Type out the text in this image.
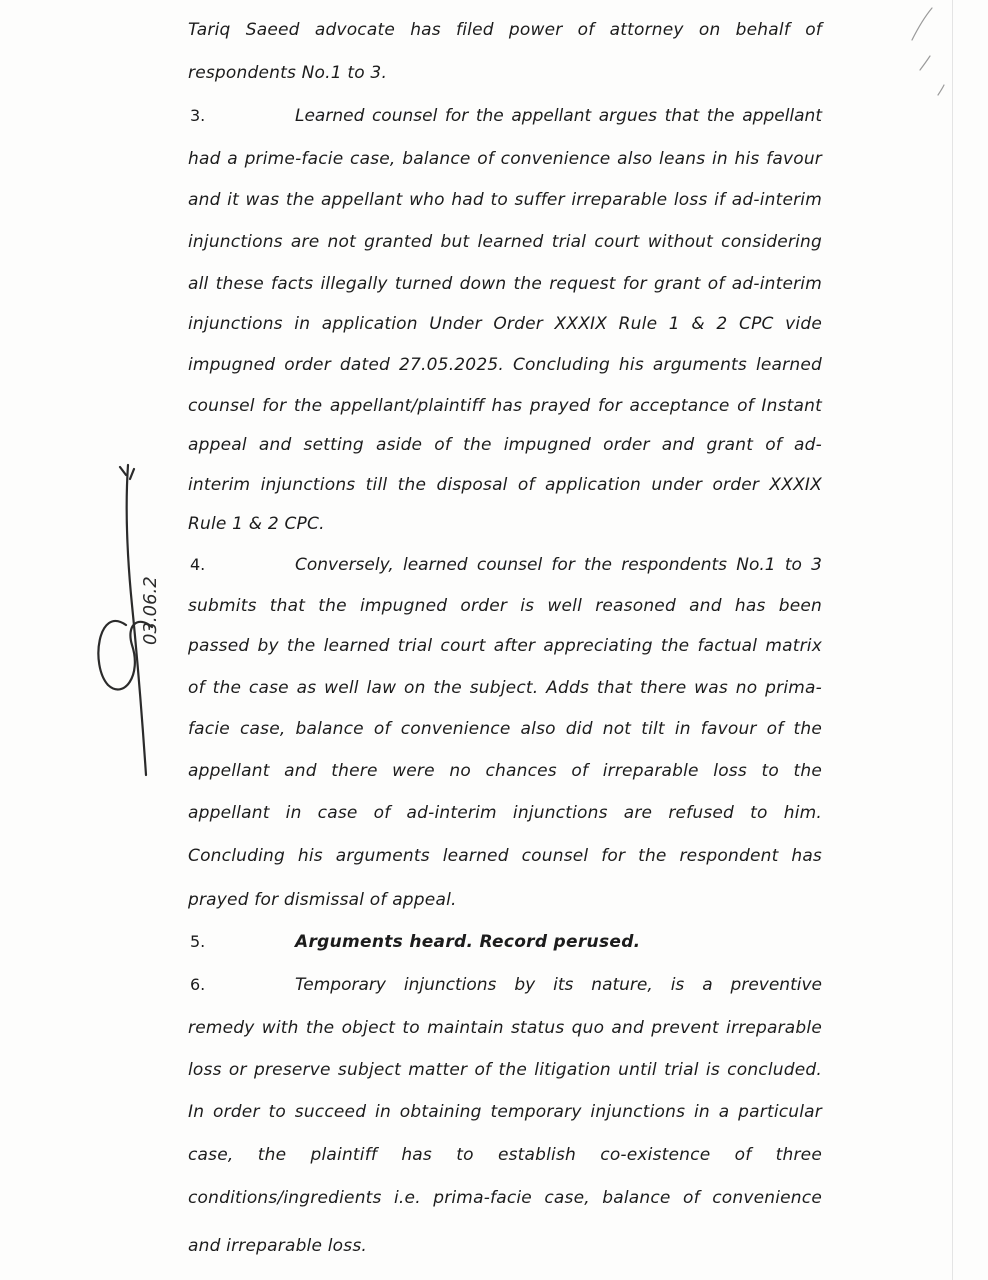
Tariq Saeed advocate has filed power of attorney on behalf of
respondents No.1 to 3.
3.	Learned counsel for the appellant argues that the appellant
had a prime-facie case, balance of convenience also leans in his favour
and it was the appellant who had to suffer irreparable loss if ad-interim
injunctions are not granted but learned trial court without considering
all these facts illegally turned down the request for grant of ad-interim
injunctions in application Under Order XXXIX Rule 1 & 2 CPC vide
impugned order dated 27.05.2025. Concluding his arguments learned
counsel for the appellant/plaintiff has prayed for acceptance of Instant
appeal and setting aside of the impugned order and grant of ad-
interim injunctions till the disposal of application under order XXXIX
Rule 1 & 2 CPC.
4.	Conversely, learned counsel for the respondents No.1 to 3
submits that the impugned order is well reasoned and has been
passed by the learned trial court after appreciating the factual matrix
of the case as well law on the subject. Adds that there was no prima-
facie case, balance of convenience also did not tilt in favour of the
appellant and there were no chances of irreparable loss to the
appellant in case of ad-interim injunctions are refused to him.
Concluding his arguments learned counsel for the respondent has
prayed for dismissal of appeal.
5.	Arguments heard. Record perused.
6.	Temporary injunctions by its nature, is a preventive
remedy with the object to maintain status quo and prevent irreparable
loss or preserve subject matter of the litigation until trial is concluded.
In order to succeed in obtaining temporary injunctions in a particular
case, the plaintiff has to establish co-existence of three
conditions/ingredients i.e. prima-facie case, balance of convenience
and irreparable loss.
03.06.2
